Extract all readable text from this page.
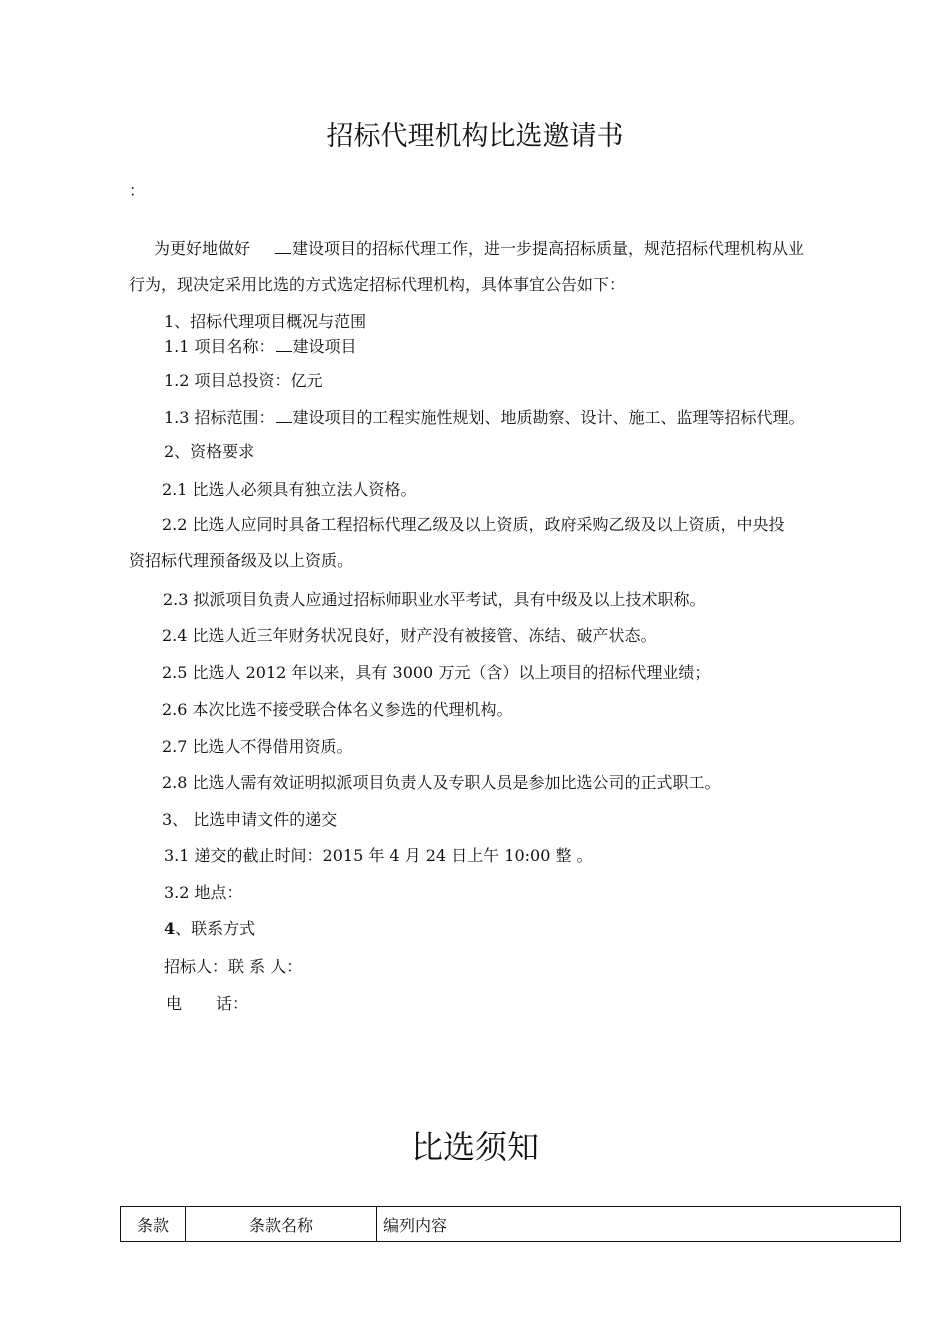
招标代理机构比选邀请书
：
为更好地做好	建设项目的招标代理工作，进一步提高招标质量，规范招标代理机构从业
行为，现决定采用比选的方式选定招标代理机构，具体事宜公告如下：
1、招标代理项目概况与范围
1.1 项目名称： 建设项目
1.2 项目总投资：亿元
1.3 招标范围： 建设项目的工程实施性规划、地质勘察、设计、施工、监理等招标代理。
2、资格要求
2.1 比选人必须具有独立法人资格。
2.2 比选人应同时具备工程招标代理乙级及以上资质，政府采购乙级及以上资质，中央投
资招标代理预备级及以上资质。
2.3 拟派项目负责人应通过招标师职业水平考试，具有中级及以上技术职称。
2.4 比选人近三年财务状况良好，财产没有被接管、冻结、破产状态。
2.5 比选人 2012 年以来，具有 3000 万元（含）以上项目的招标代理业绩；
2.6 本次比选不接受联合体名义参选的代理机构。
2.7 比选人不得借用资质。
2.8 比选人需有效证明拟派项目负责人及专职人员是参加比选公司的正式职工。
3、 比选申请文件的递交
3.1 递交的截止时间：2015 年 4 月 24 日上午 10:00 整 。
3.2 地点：
4、联系方式
招标人：联 系 人：
电 话：
比选须知
条款	条款名称	编列内容
